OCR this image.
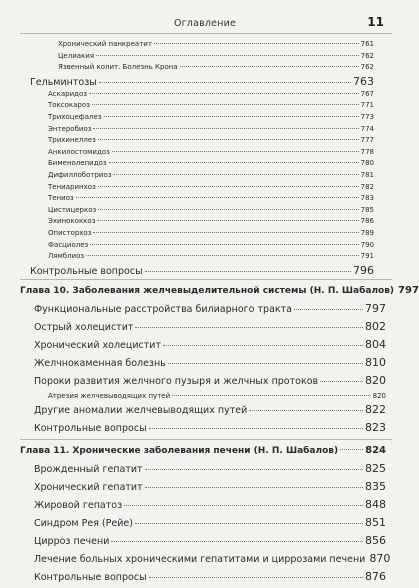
Оглавление	11
Хронический панкреатит	761
Целиакия	762
Язвенный колит. Болезнь Крона	762
Гельминтозы	763
Аскаридоз	767
Токсокароз	771
Трихоцефалез	773
Энтеробиоз	774
Трихинеллез	777
Анкилостомидоз	778
Бименолепидоз	780
Дифиллоботриоз	781
Тениаринхоз	782
Тениоз	783
Цистицеркоз	785
Эхинококкоз	786
Описторхоз	789
Фасциолез	790
Лямблиоз	791
Контрольные вопросы	796
Глава 10. Заболевания желчевыделительной системы (Н. П. Шабалов) 797
Функциональные расстройства билиарного тракта	797
Острый холецистит	802
Хронический холецистит	804
Желчнокаменная болезнь	810
Пороки развития желчного пузыря и желчных протоков	820
Атрезия желчевыводящих путей	820
Другие аномалии желчевыводящих путей	822
Контрольные вопросы	823
Глава 11. Хронические заболевания печени (Н. П. Шабалов)	824
Врожденный гепатит	825
Хронический гепатит	835
Жировой гепатоз	848
Синдром Рея (Рейе)	851
Цирроз печени	856
Лечение больных хроническими гепатитами и циррозами печени 870
Контрольные вопросы	876
